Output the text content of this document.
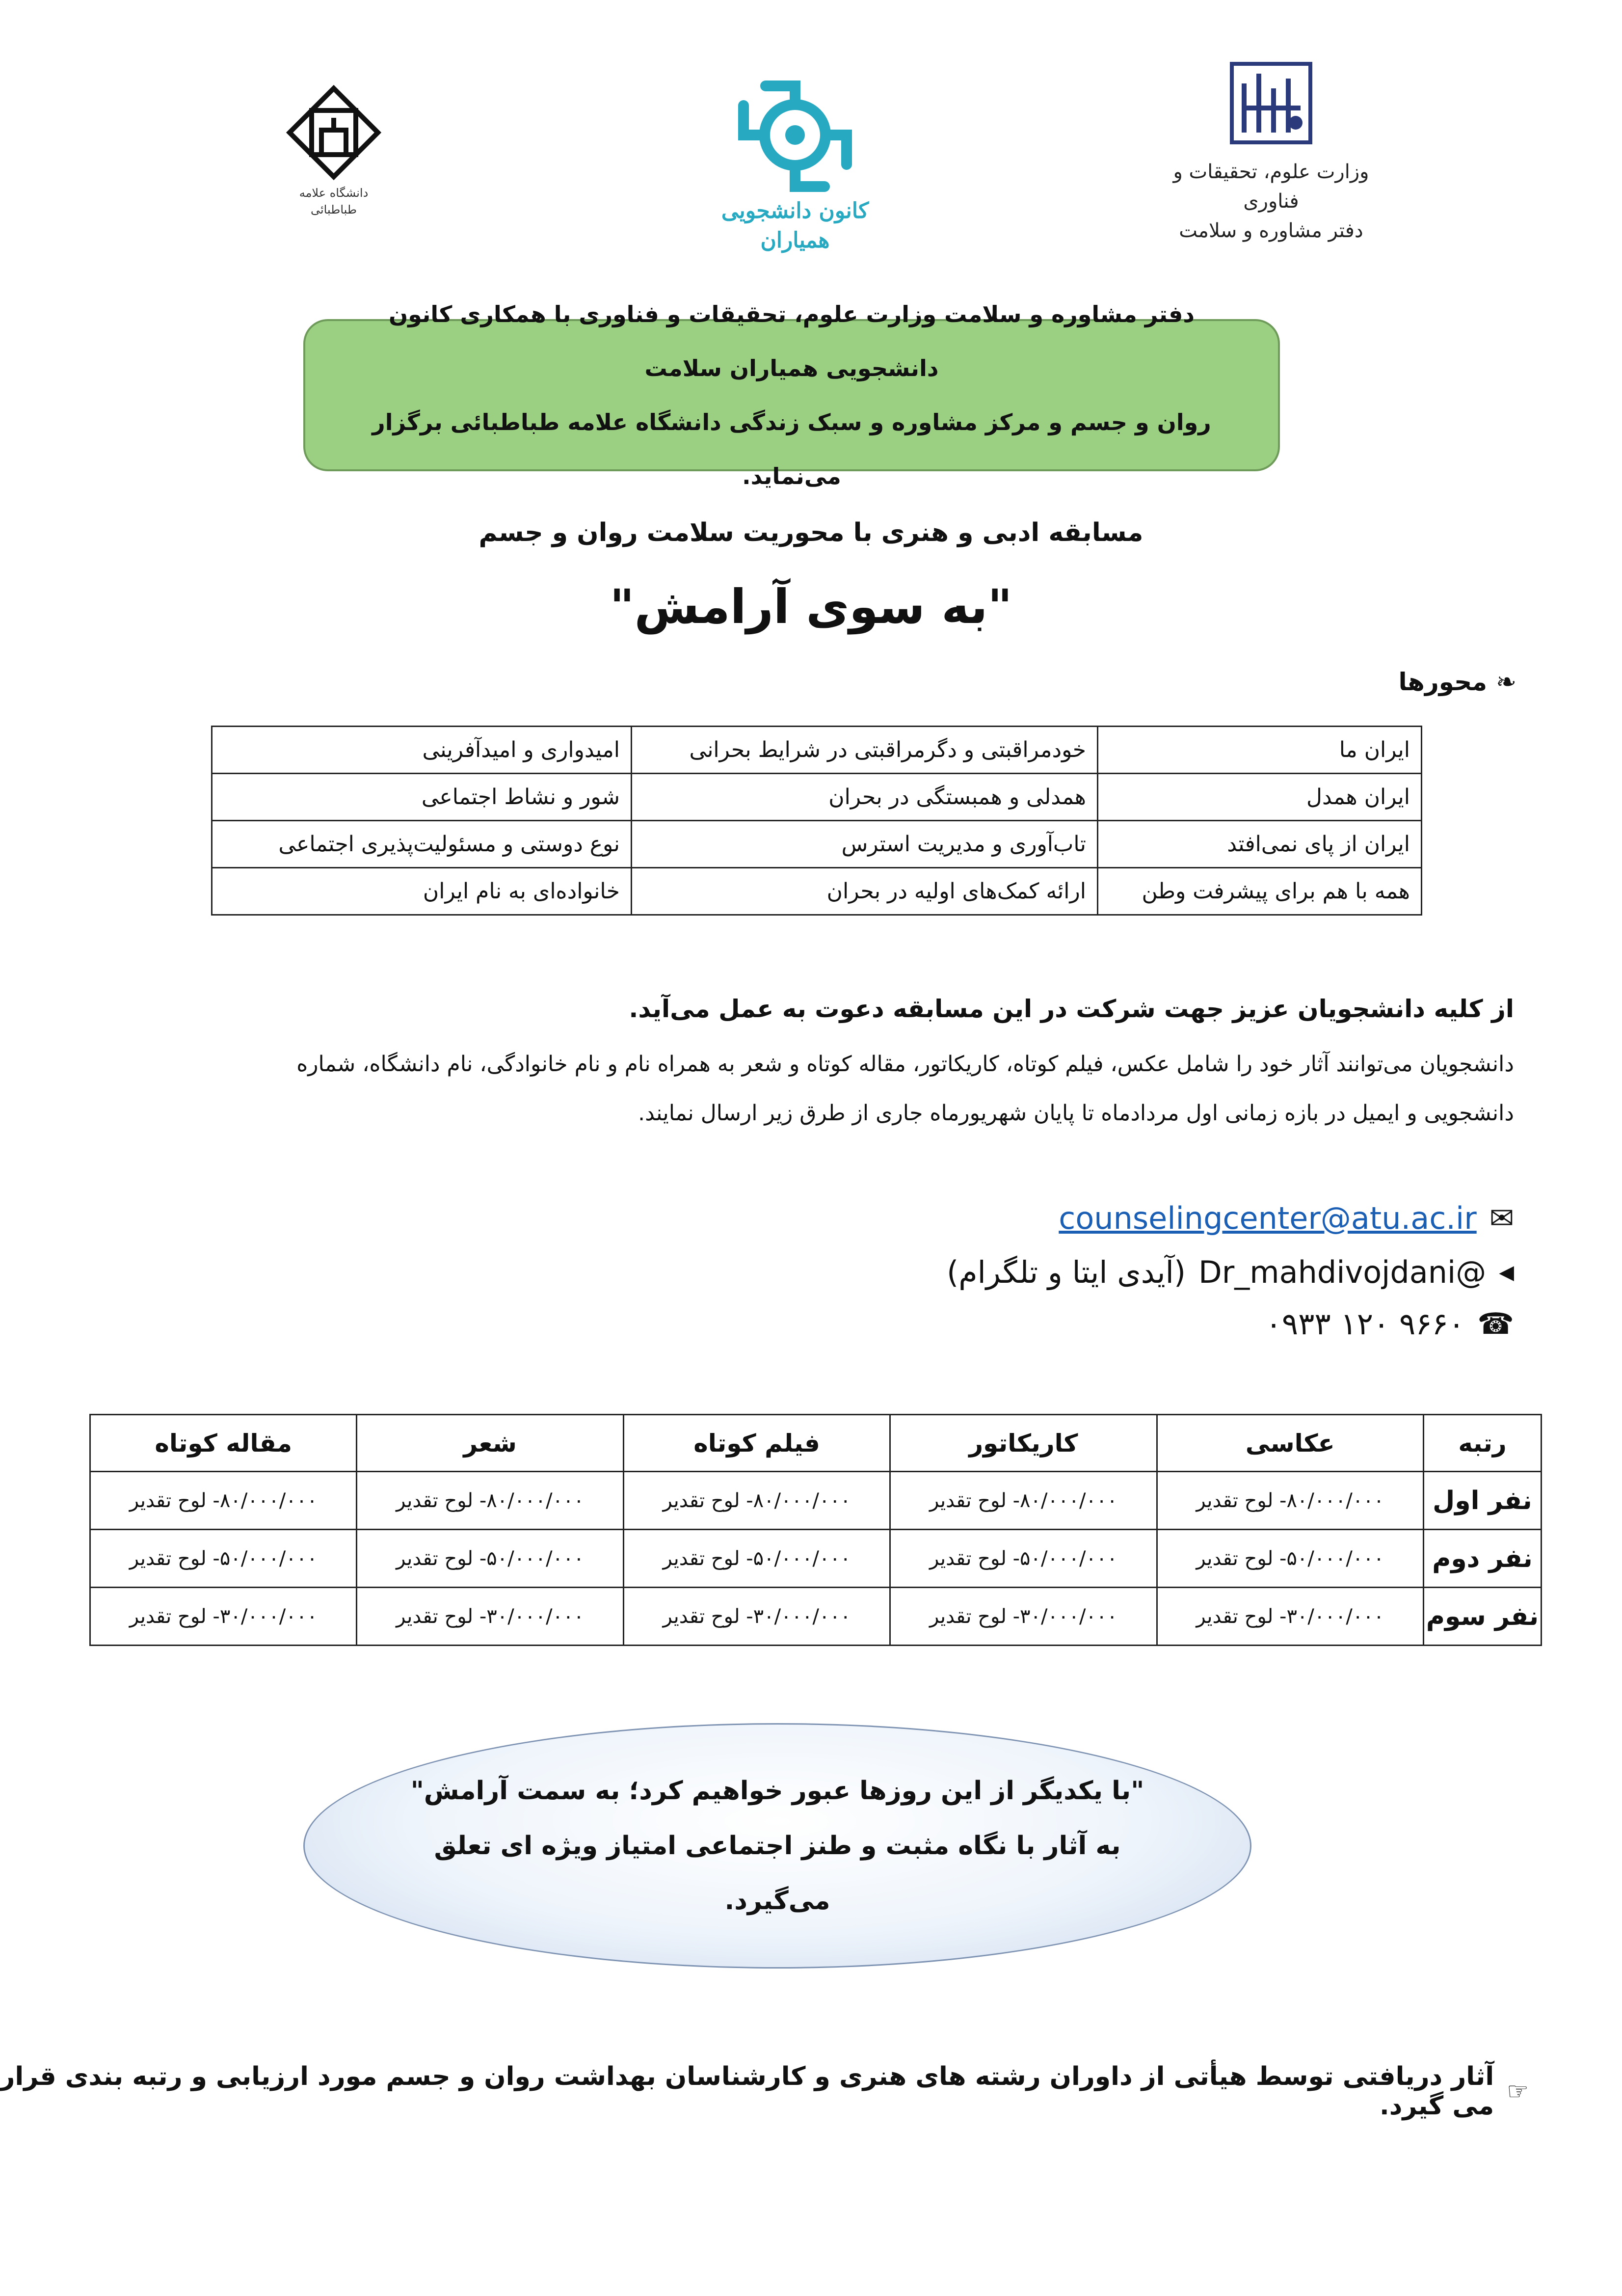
وزارت علوم، تحقیقات و فناوری
دفتر مشاوره و سلامت
کانون دانشجویی همیاران
دانشگاه علامه طباطبائی

دفتر مشاوره و سلامت وزارت علوم، تحقیقات و فناوری با همکاری کانون دانشجویی همیاران سلامت

روان و جسم و مرکز مشاوره و سبک زندگی دانشگاه علامه طباطبائی برگزار می‌نماید.

مسابقه ادبی و هنری با محوریت سلامت روان و جسم
"به سوی آرامش"
❧
محورها
ایران ما	خودمراقبتی و دگرمراقبتی در شرایط بحرانی	امیدواری و امیدآفرینی
ایران همدل	همدلی و همبستگی در بحران	شور و نشاط اجتماعی
ایران از پای نمی‌افتد	تاب‌آوری و مدیریت استرس	نوع دوستی و مسئولیت‌پذیری اجتماعی
همه با هم برای پیشرفت وطن	ارائه کمک‌های اولیه در بحران	خانواده‌ای به نام ایران
از کلیه دانشجویان عزیز جهت شرکت در این مسابقه دعوت به عمل می‌آید.
دانشجویان می‌توانند آثار خود را شامل عکس، فیلم کوتاه، کاریکاتور، مقاله کوتاه و شعر به همراه نام و نام خانوادگی، نام دانشگاه، شماره
دانشجویی و ایمیل در بازه زمانی اول مردادماه تا پایان شهریورماه جاری از طرق زیر ارسال نمایند.
✉
counselingcenter@atu.ac.ir
◀
Dr_mahdivojdani@
(آیدی ایتا و تلگرام)
☎
۰۹۳۳ ۱۲۰ ۹۶۶۰
رتبه	عکاسی	کاریکاتور	فیلم کوتاه	شعر	مقاله کوتاه
نفر اول	۸۰/۰۰۰/۰۰۰- لوح تقدیر	۸۰/۰۰۰/۰۰۰- لوح تقدیر	۸۰/۰۰۰/۰۰۰- لوح تقدیر	۸۰/۰۰۰/۰۰۰- لوح تقدیر	۸۰/۰۰۰/۰۰۰- لوح تقدیر
نفر دوم	۵۰/۰۰۰/۰۰۰- لوح تقدیر	۵۰/۰۰۰/۰۰۰- لوح تقدیر	۵۰/۰۰۰/۰۰۰- لوح تقدیر	۵۰/۰۰۰/۰۰۰- لوح تقدیر	۵۰/۰۰۰/۰۰۰- لوح تقدیر
نفر سوم	۳۰/۰۰۰/۰۰۰- لوح تقدیر	۳۰/۰۰۰/۰۰۰- لوح تقدیر	۳۰/۰۰۰/۰۰۰- لوح تقدیر	۳۰/۰۰۰/۰۰۰- لوح تقدیر	۳۰/۰۰۰/۰۰۰- لوح تقدیر

"با یکدیگر از این روزها عبور خواهیم کرد؛ به سمت آرامش"

به آثار با نگاه مثبت و طنز اجتماعی امتیاز ویژه ای تعلق

می‌گیرد.

☞
آثار دریافتی توسط هیأتی از داوران رشته های هنری و کارشناسان بهداشت روان و جسم مورد ارزیابی و رتبه بندی قرار می گیرد.
